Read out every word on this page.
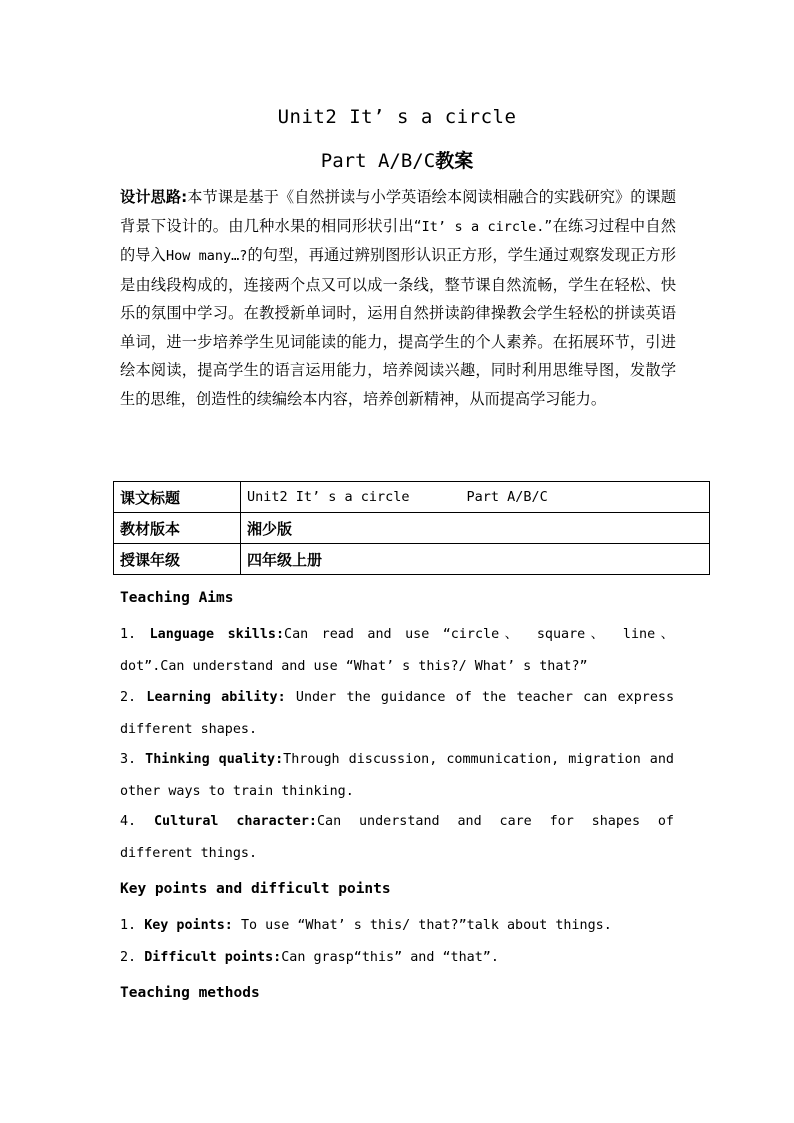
Unit2 It’ s a circle
Part A/B/C教案
设计思路:本节课是基于《自然拼读与小学英语绘本阅读相融合的实践研究》的课题背景下设计的。由几种水果的相同形状引出“It’ s a circle.”在练习过程中自然的导入How many…?的句型，再通过辨别图形认识正方形，学生通过观察发现正方形是由线段构成的，连接两个点又可以成一条线，整节课自然流畅，学生在轻松、快乐的氛围中学习。在教授新单词时，运用自然拼读韵律操教会学生轻松的拼读英语单词，进一步培养学生见词能读的能力，提高学生的个人素养。在拓展环节，引进绘本阅读，提高学生的语言运用能力，培养阅读兴趣，同时利用思维导图，发散学生的思维，创造性的续编绘本内容，培养创新精神，从而提高学习能力。
课文标题	Unit2 It’ s a circle       Part A/B/C
教材版本	湘少版
授课年级	四年级上册
Teaching Aims
1. Language skills:Can read and use “circle、 square、 line、 dot”.Can understand and use “What’ s this?/ What’ s that?”
2. Learning ability: Under the guidance of the teacher can express different shapes.
3. Thinking quality:Through discussion, communication, migration and other ways to train thinking.
4. Cultural character:Can understand and care for shapes of different things.
Key points and difficult points
1. Key points: To use “What’ s this/ that?”talk about things.
2. Difficult points:Can grasp“this” and “that”.
Teaching methods
